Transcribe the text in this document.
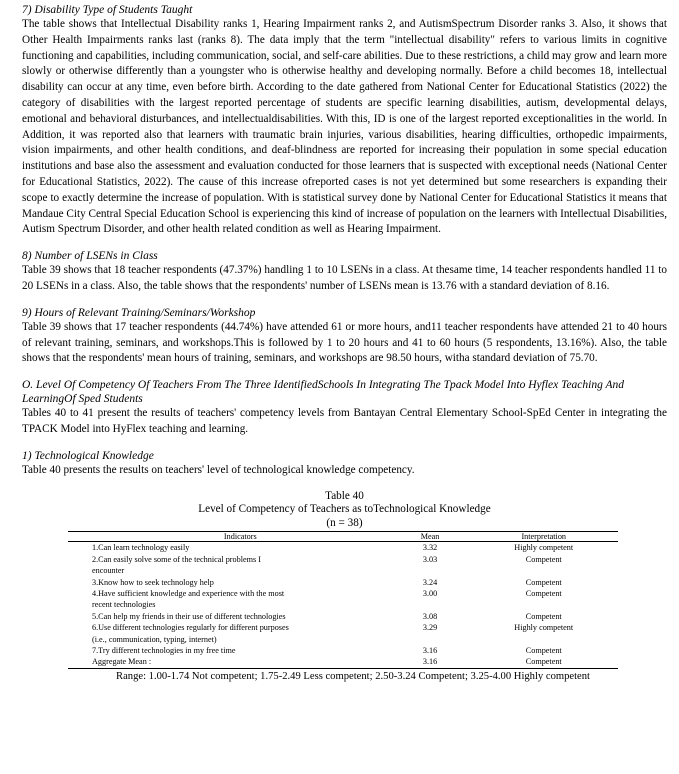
7) Disability Type of Students Taught

The table shows that Intellectual Disability ranks 1, Hearing Impairment ranks 2, and AutismSpectrum Disorder ranks 3. Also, it shows that Other Health Impairments ranks last (ranks 8). The data imply that the term "intellectual disability" refers to various limits in cognitive functioning and capabilities, including communication, social, and self-care abilities. Due to these restrictions, a child may grow and learn more slowly or otherwise differently than a youngster who is otherwise healthy and developing normally. Before a child becomes 18, intellectual disability can occur at any time, even before birth. According to the date gathered from National Center for Educational Statistics (2022) the category of disabilities with the largest reported percentage of students are specific learning disabilities, autism, developmental delays, emotional and behavioral disturbances, and intellectualdisabilities. With this, ID is one of the largest reported exceptionalities in the world. In Addition, it was reported also that learners with traumatic brain injuries, various disabilities, hearing difficulties, orthopedic impairments, vision impairments, and other health conditions, and deaf-blindness are reported for increasing their population in some special education institutions and base also the assessment and evaluation conducted for those learners that is suspected with exceptional needs (National Center for Educational Statistics, 2022). The cause of this increase ofreported cases is not yet determined but some researchers is expanding their scope to exactly determine the increase of population. With is statistical survey done by National Center for Educational Statistics it means that Mandaue City Central Special Education School is experiencing this kind of increase of population on the learners with Intellectual Disabilities, Autism Spectrum Disorder, and other health related condition as well as Hearing Impairment.

8) Number of LSENs in Class

Table 39 shows that 18 teacher respondents (47.37%) handling 1 to 10 LSENs in a class. At thesame time, 14 teacher respondents handled 11 to 20 LSENs in a class. Also, the table shows that the respondents' number of LSENs mean is 13.76 with a standard deviation of 8.16.

9) Hours of Relevant Training/Seminars/Workshop

Table 39 shows that 17 teacher respondents (44.74%) have attended 61 or more hours, and11 teacher respondents have attended 21 to 40 hours of relevant training, seminars, and workshops.This is followed by 1 to 20 hours and 41 to 60 hours (5 respondents, 13.16%). Also, the table shows that the respondents' mean hours of training, seminars, and workshops are 98.50 hours, witha standard deviation of 75.70.

O. Level Of Competency Of Teachers From The Three IdentifiedSchools In Integrating The Tpack Model Into Hyflex Teaching And LearningOf Sped Students

Tables 40 to 41 present the results of teachers' competency levels from Bantayan Central Elementary School-SpEd Center in integrating the TPACK Model into HyFlex teaching and learning.

1) Technological Knowledge

Table 40 presents the results on teachers' level of technological knowledge competency.

Table 40

Level of Competency of Teachers as toTechnological Knowledge

(n = 38)

Indicators	Mean	Interpretation
1.Can learn technology easily	3.32	Highly competent

2.Can easily solve some of the technical problems I
encounter	3.03	Competent
3.Know how to seek technology help	3.24	Competent

4.Have sufficient knowledge and experience with the most
recent technologies	3.00	Competent
5.Can help my friends in their use of different technologies	3.08	Competent

6.Use different technologies regularly for different purposes
(i.e., communication, typing, internet)	3.29	Highly competent
7.Try different technologies in my free time	3.16	Competent
Aggregate Mean :	3.16	Competent

Range: 1.00-1.74 Not competent; 1.75-2.49 Less competent; 2.50-3.24 Competent; 3.25-4.00 Highly competent
